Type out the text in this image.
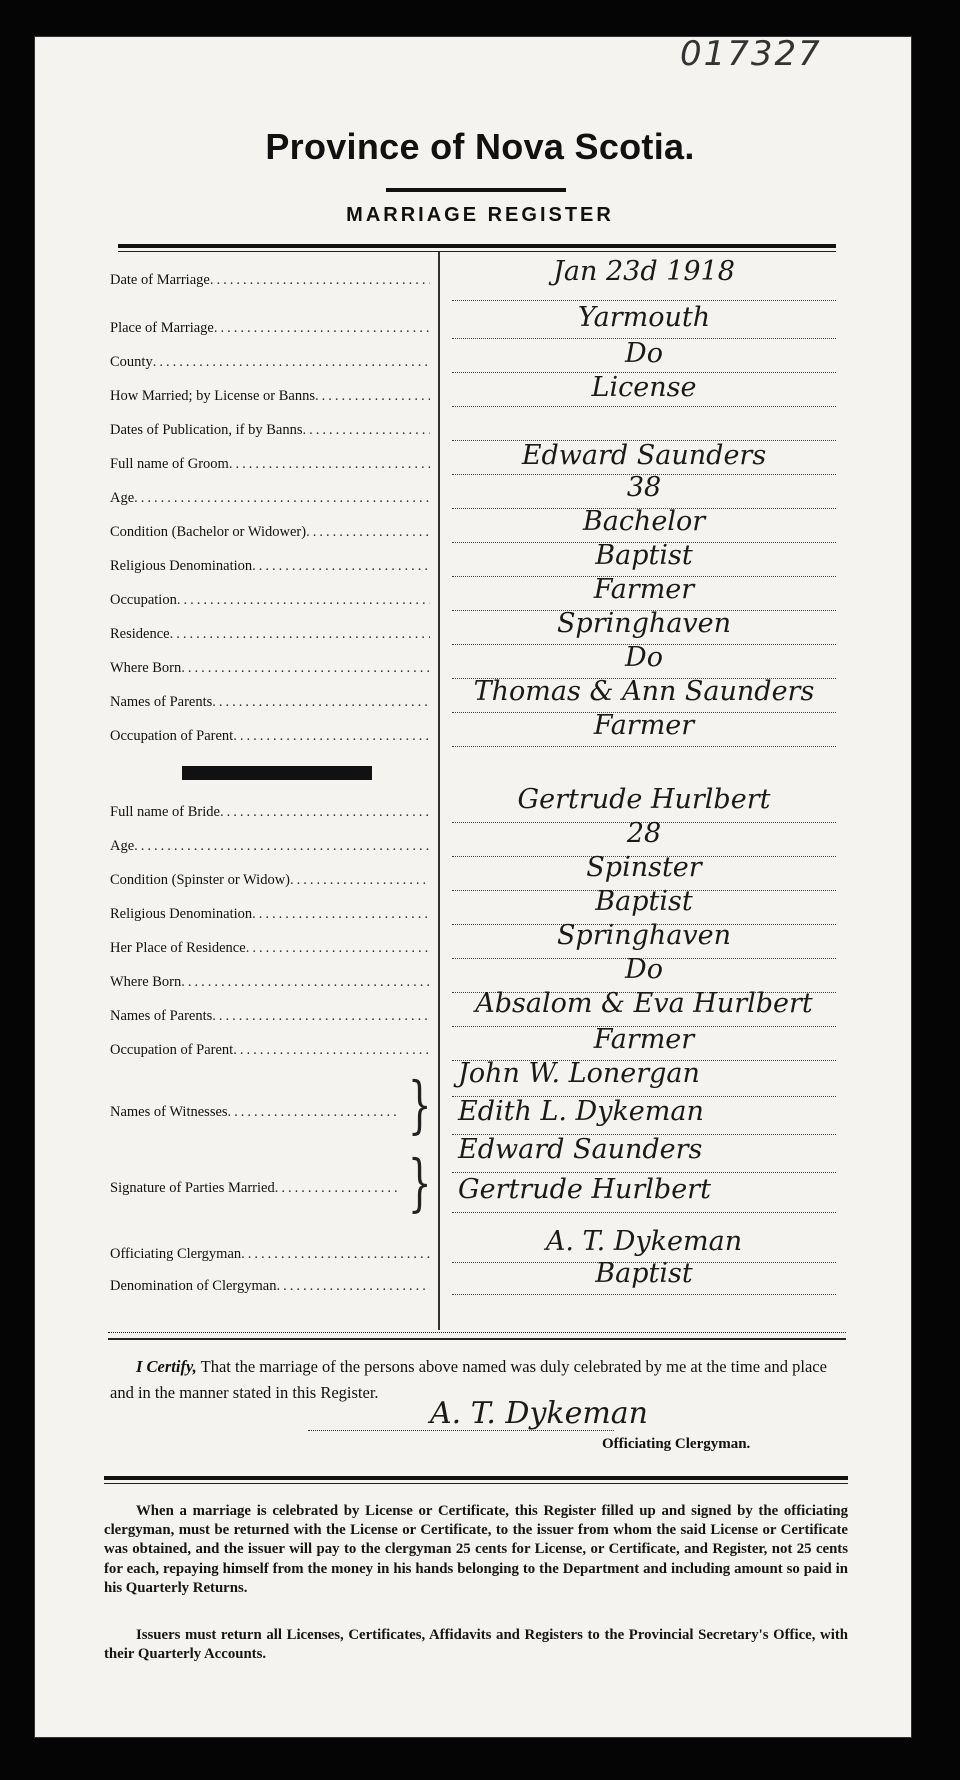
017327
Province of Nova Scotia.
MARRIAGE REGISTER
Date of Marriage .....	Jan 23d 1918
Place of Marriage .....	Yarmouth
County .....	Do
How Married; by License or Banns .....	License
Dates of Publication, if by Banns
.....
Full name of Groom .....	Edward Saunders
Age .....	38
Condition (Bachelor or Widower) .....	Bachelor
Religious Denomination .....	Baptist
Occupation .....	Farmer
Residence .....	Springhaven
Where Born .....	Do
Names of Parents .....	Thomas & Ann Saunders
Occupation of Parent .....	Farmer
Full name of Bride .....	Gertrude Hurlbert
Age .....	28
Condition (Spinster or Widow) .....	Spinster
Religious Denomination .....	Baptist
Her Place of Residence .....	Springhaven
Where Born .....	Do
Names of Parents .....	Absalom & Eva Hurlbert
Occupation of Parent .....	Farmer
Names of Witnesses .....	} John W. Lonergan
Edith L. Dykeman
Signature of Parties Married ..... } Edward Saunders
Gertrude Hurlbert
Officiating Clergyman .....	A. T. Dykeman
Denomination of Clergyman .....	Baptist
I Certify, That the marriage of the persons above named was duly celebrated by me at the time and place and in the manner stated in this Register.
A. T. Dykeman
Officiating Clergyman.
When a marriage is celebrated by License or Certificate, this Register filled up and signed by the officiating clergyman, must be returned with the License or Certificate, to the issuer from whom the said License or Certificate was obtained, and the issuer will pay to the clergyman 25 cents for License, or Certificate, and Register, not 25 cents for each, repaying himself from the money in his hands belonging to the Department and including amount so paid in his Quarterly Returns.
Issuers must return all Licenses, Certificates, Affidavits and Registers to the Provincial Secretary's Office, with their Quarterly Accounts.
